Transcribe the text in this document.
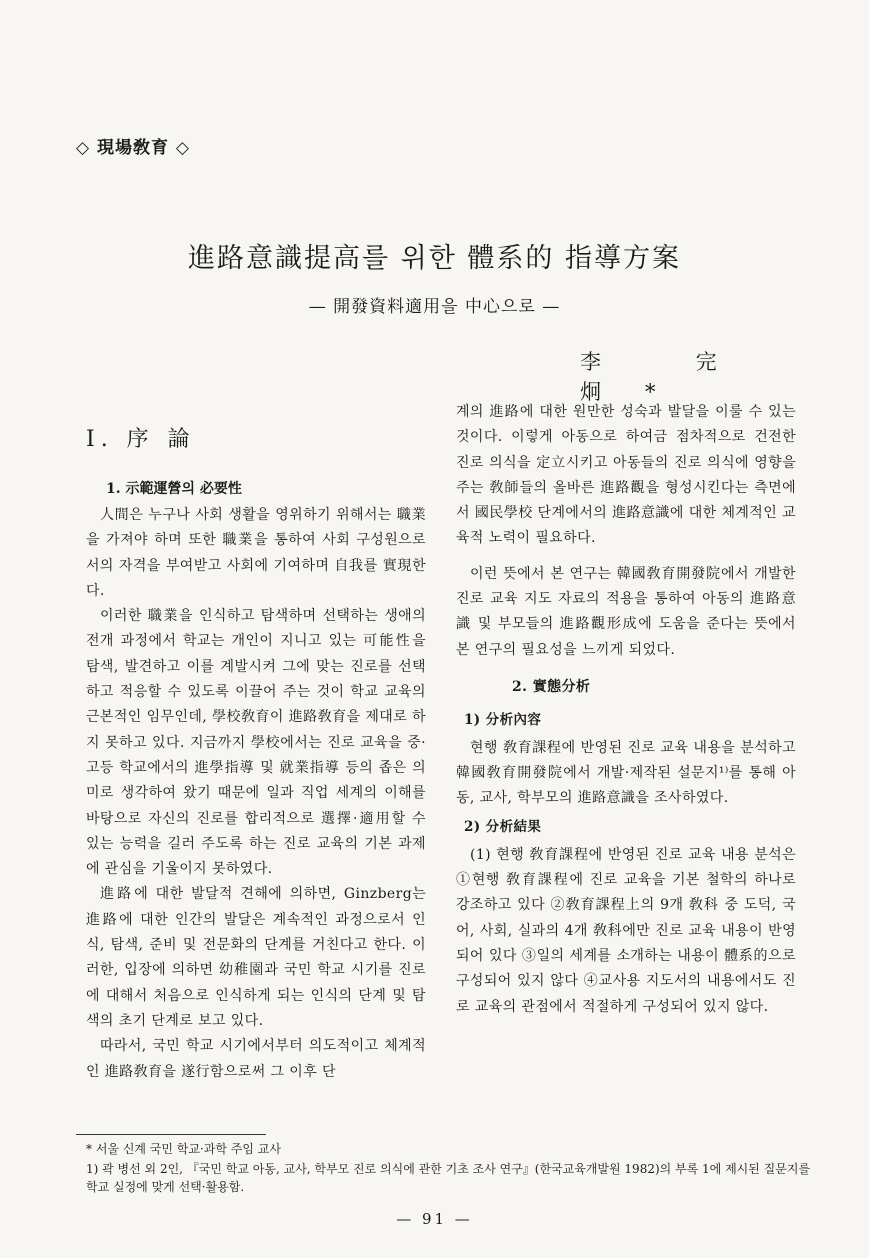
◇ 現場敎育 ◇
進路意識提高를 위한 體系的 指導方案
— 開發資料適用을 中心으로 —
李 完 炯*
Ⅰ. 序 論
1. 示範運營의 必要性

人間은 누구나 사회 생활을 영위하기 위해서는 職業을 가져야 하며 또한 職業을 통하여 사회 구성원으로서의 자격을 부여받고 사회에 기여하며 自我를 實現한다.

이러한 職業을 인식하고 탐색하며 선택하는 생애의 전개 과정에서 학교는 개인이 지니고 있는 可能性을 탐색, 발견하고 이를 계발시켜 그에 맞는 진로를 선택하고 적응할 수 있도록 이끌어 주는 것이 학교 교육의 근본적인 임무인데, 學校敎育이 進路敎育을 제대로 하지 못하고 있다. 지금까지 學校에서는 진로 교육을 중·고등 학교에서의 進學指導 및 就業指導 등의 좁은 의미로 생각하여 왔기 때문에 일과 직업 세계의 이해를 바탕으로 자신의 진로를 합리적으로 選擇·適用할 수 있는 능력을 길러 주도록 하는 진로 교육의 기본 과제에 관심을 기울이지 못하였다.

進路에 대한 발달적 견해에 의하면, Ginzberg는 進路에 대한 인간의 발달은 계속적인 과정으로서 인식, 탐색, 준비 및 전문화의 단계를 거친다고 한다. 이러한, 입장에 의하면 幼稚園과 국민 학교 시기를 진로에 대해서 처음으로 인식하게 되는 인식의 단계 및 탐색의 초기 단계로 보고 있다.

따라서, 국민 학교 시기에서부터 의도적이고 체계적인 進路敎育을 遂行함으로써 그 이후 단

계의 進路에 대한 원만한 성숙과 발달을 이룰 수 있는 것이다. 이렇게 아동으로 하여금 점차적으로 건전한 진로 의식을 定立시키고 아동들의 진로 의식에 영향을 주는 敎師들의 올바른 進路觀을 형성시킨다는 측면에서 國民學校 단계에서의 進路意識에 대한 체계적인 교육적 노력이 필요하다.

이런 뜻에서 본 연구는 韓國敎育開發院에서 개발한 진로 교육 지도 자료의 적용을 통하여 아동의 進路意識 및 부모들의 進路觀形成에 도움을 준다는 뜻에서 본 연구의 필요성을 느끼게 되었다.

2. 實態分析

1) 分析內容

현행 敎育課程에 반영된 진로 교육 내용을 분석하고 韓國敎育開發院에서 개발·제작된 설문지¹⁾를 통해 아동, 교사, 학부모의 進路意識을 조사하였다.

2) 分析結果

(1) 현행 敎育課程에 반영된 진로 교육 내용 분석은 ①현행 敎育課程에 진로 교육을 기본 철학의 하나로 강조하고 있다 ②敎育課程上의 9개 敎科 중 도덕, 국어, 사회, 실과의 4개 敎科에만 진로 교육 내용이 반영되어 있다 ③일의 세계를 소개하는 내용이 體系的으로 구성되어 있지 않다 ④교사용 지도서의 내용에서도 진로 교육의 관점에서 적절하게 구성되어 있지 않다.

* 서울 신계 국민 학교·과학 주임 교사
1) 곽 병선 외 2인, 『국민 학교 아동, 교사, 학부모 진로 의식에 관한 기초 조사 연구』(한국교육개발원 1982)의 부록 1에 제시된 질문지를 학교 실정에 맞게 선택·활용함.
— 91 —
